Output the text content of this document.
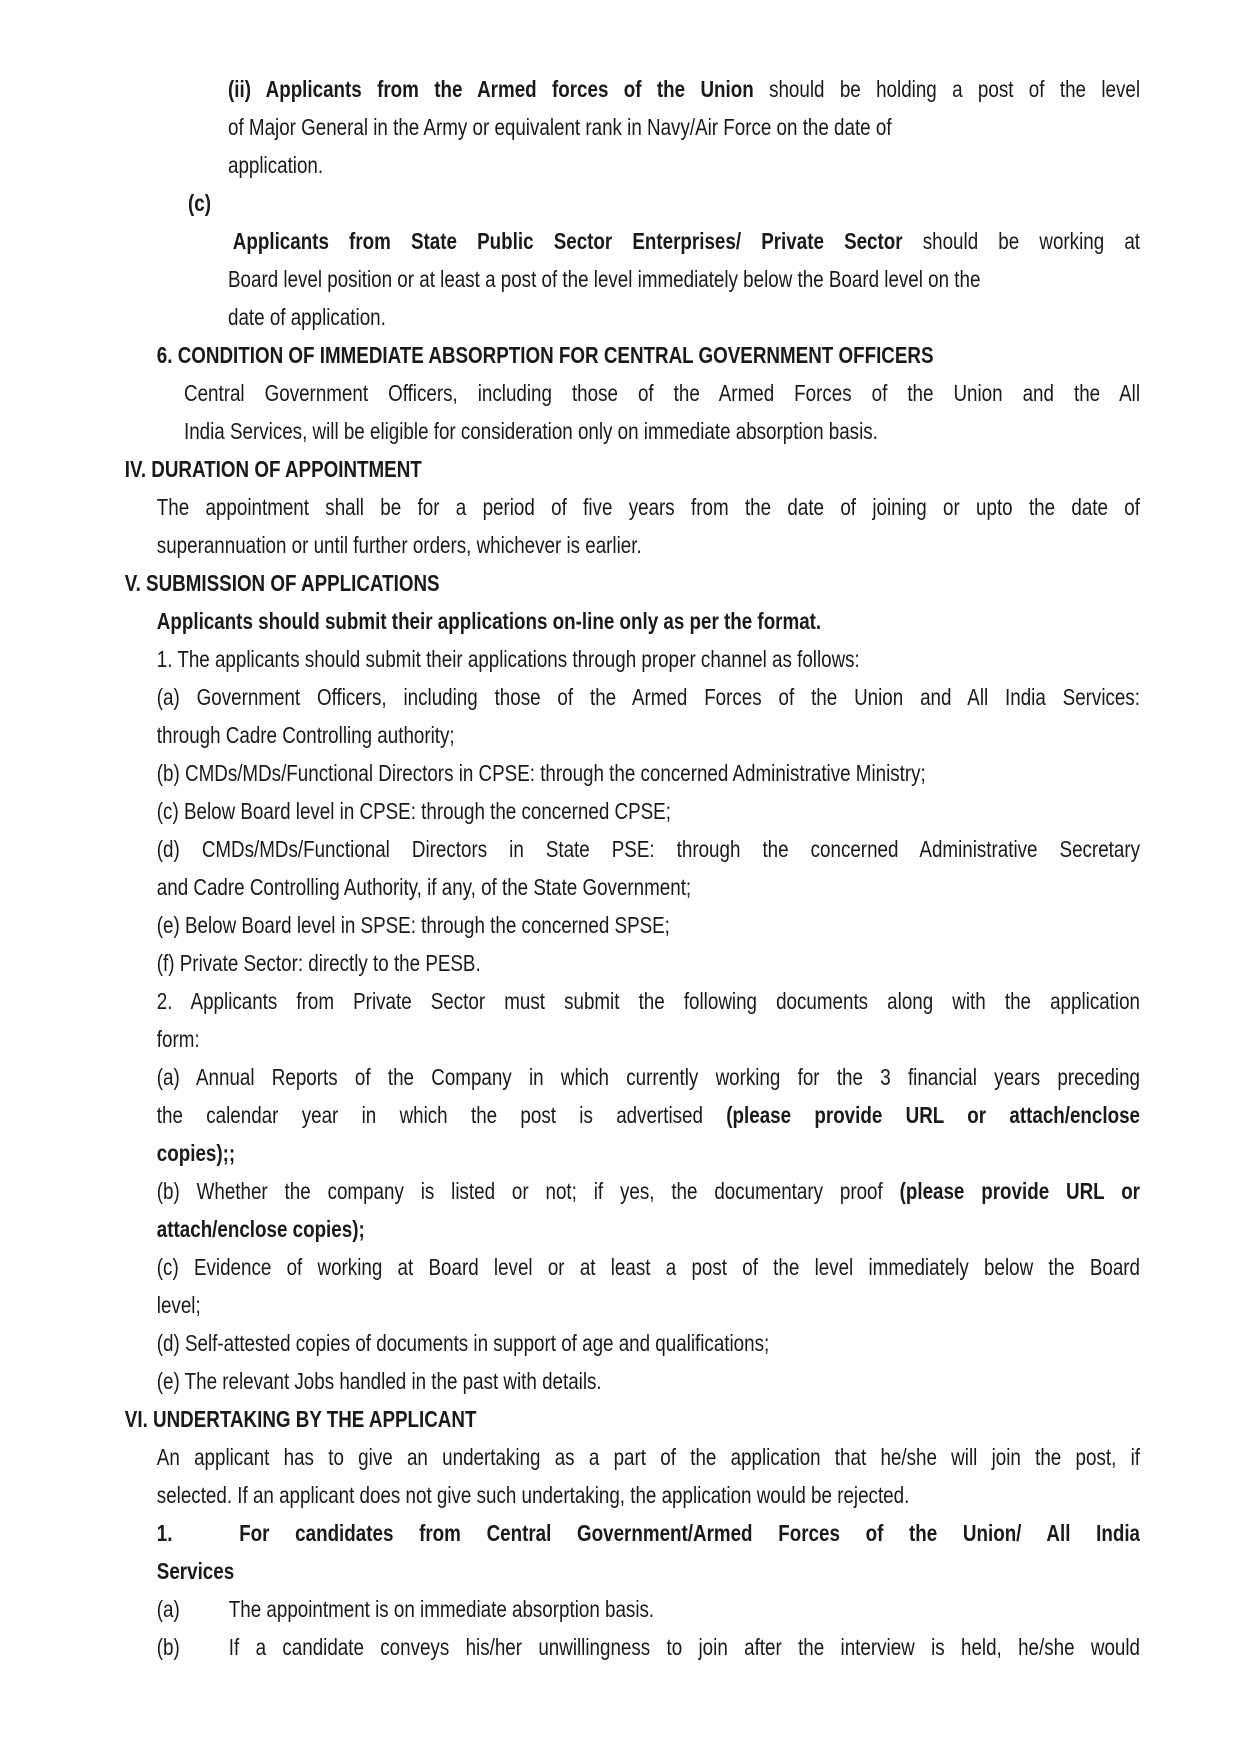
(ii) Applicants from the Armed forces of the Union should be holding a post of the level
of Major General in the Army or equivalent rank in Navy/Air Force on the date of
application.
(c)
Applicants from State Public Sector Enterprises/ Private Sector should be working at
Board level position or at least a post of the level immediately below the Board level on the
date of application.
6. CONDITION OF IMMEDIATE ABSORPTION FOR CENTRAL GOVERNMENT OFFICERS
Central Government Officers, including those of the Armed Forces of the Union and the All
India Services, will be eligible for consideration only on immediate absorption basis.
IV. DURATION OF APPOINTMENT
The appointment shall be for a period of five years from the date of joining or upto the date of
superannuation or until further orders, whichever is earlier.
V. SUBMISSION OF APPLICATIONS
Applicants should submit their applications on-line only as per the format.
1. The applicants should submit their applications through proper channel as follows:
(a) Government Officers, including those of the Armed Forces of the Union and All India Services:
through Cadre Controlling authority;
(b) CMDs/MDs/Functional Directors in CPSE: through the concerned Administrative Ministry;
(c) Below Board level in CPSE: through the concerned CPSE;
(d) CMDs/MDs/Functional Directors in State PSE: through the concerned Administrative Secretary
and Cadre Controlling Authority, if any, of the State Government;
(e) Below Board level in SPSE: through the concerned SPSE;
(f) Private Sector: directly to the PESB.
2. Applicants from Private Sector must submit the following documents along with the application
form:
(a) Annual Reports of the Company in which currently working for the 3 financial years preceding
the calendar year in which the post is advertised (please provide URL or attach/enclose
copies);;
(b) Whether the company is listed or not; if yes, the documentary proof (please provide URL or
attach/enclose copies);
(c) Evidence of working at Board level or at least a post of the level immediately below the Board
level;
(d) Self-attested copies of documents in support of age and qualifications;
(e) The relevant Jobs handled in the past with details.
VI. UNDERTAKING BY THE APPLICANT
An applicant has to give an undertaking as a part of the application that he/she will join the post, if
selected. If an applicant does not give such undertaking, the application would be rejected.
1.	For candidates from Central Government/Armed Forces of the Union/ All India
Services
(a) The appointment is on immediate absorption basis.
(b) If a candidate conveys his/her unwillingness to join after the interview is held, he/she would
